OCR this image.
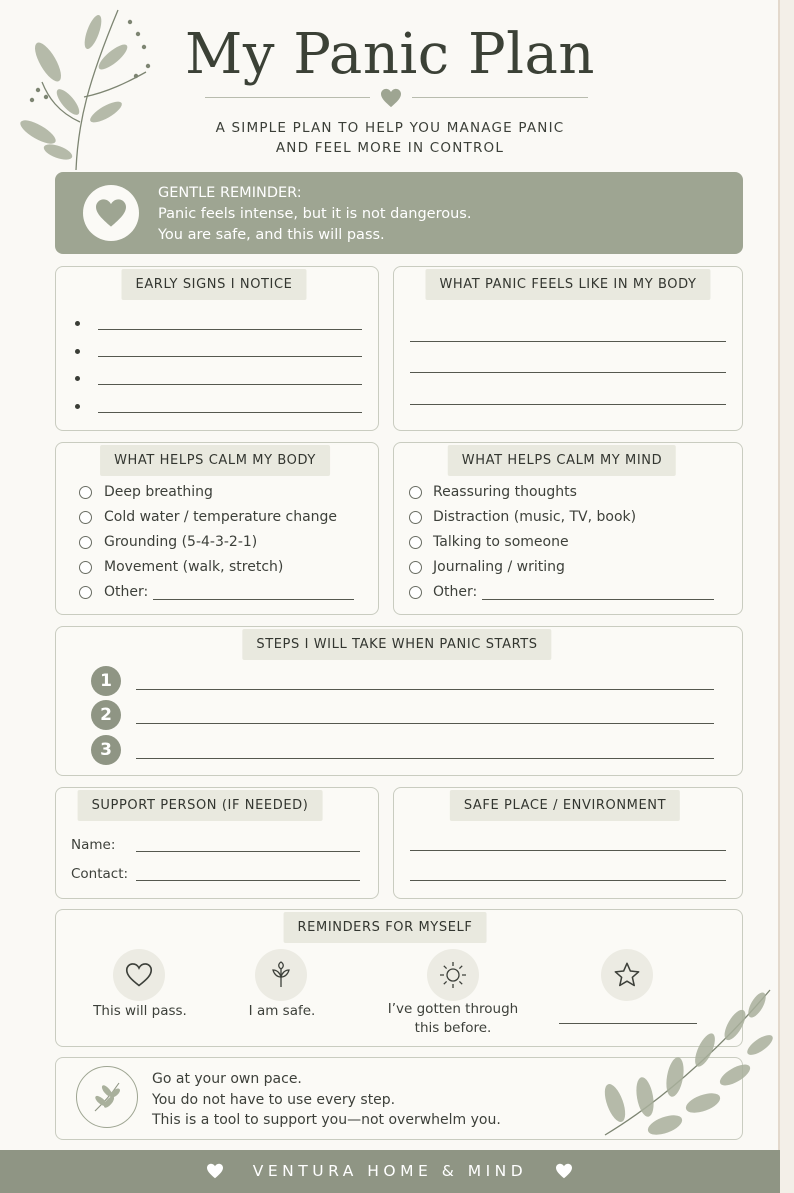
My Panic Plan
A SIMPLE PLAN TO HELP YOU MANAGE PANIC
AND FEEL MORE IN CONTROL
GENTLE REMINDER:
Panic feels intense, but it is not dangerous.
You are safe, and this will pass.
EARLY SIGNS I NOTICE	WHAT PANIC FEELS LIKE IN MY BODY
WHAT HELPS CALM MY BODY
Deep breathing
Cold water / temperature change
Grounding (5-4-3-2-1)
Movement (walk, stretch)
Other:
WHAT HELPS CALM MY MIND
Reassuring thoughts
Distraction (music, TV, book)
Talking to someone
Journaling / writing
Other:
STEPS I WILL TAKE WHEN PANIC STARTS
1
2
3
SUPPORT PERSON (IF NEEDED)
Name:
Contact:
SAFE PLACE / ENVIRONMENT
REMINDERS FOR MYSELF
This will pass.	I am safe.	I’ve gotten through
this before.
Go at your own pace.
You do not have to use every step.
This is a tool to support you—not overwhelm you.
VENTURA HOME & MIND
